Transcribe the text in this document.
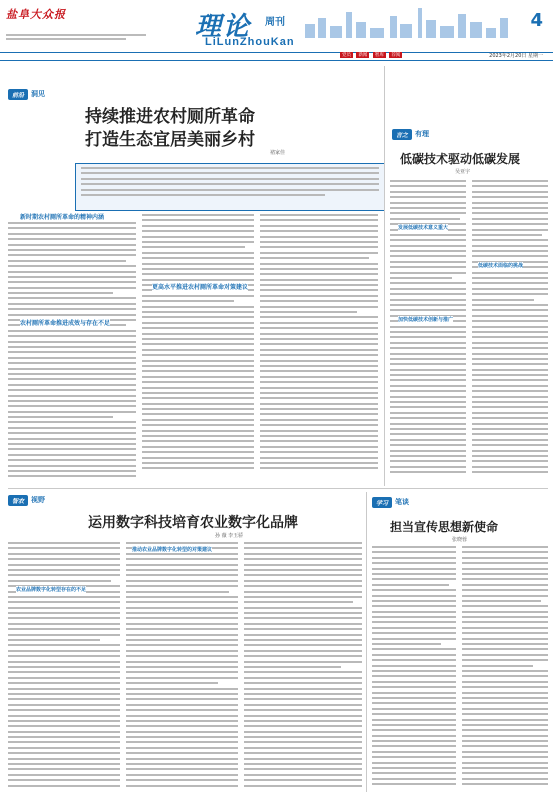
盐阜大众报	理论 周刊
LiLunZhouKan
4
党员 新闻 智库 荐阅	2023年2月20日 星期一
前沿	洞见
持续推进农村厕所革命
打造生态宜居美丽乡村
褚家佳
新时期农村厕所革命的精神内涵
农村厕所革命推进成效与存在不足
更高水平推进农村厕所革命对策建议
言之	有理
低碳技术驱动低碳发展
吴亚宇
发展低碳技术意义重大
加快低碳技术创新与推广
低碳技术面临的挑战
智农	视野
运用数字科技培育农业数字化品牌
孙 薇 李玉骄
农业品牌数字化转型存在的不足
推动农业品牌数字化转型的对策建议
学习	笔谈
担当宣传思想新使命
张晓蓉
